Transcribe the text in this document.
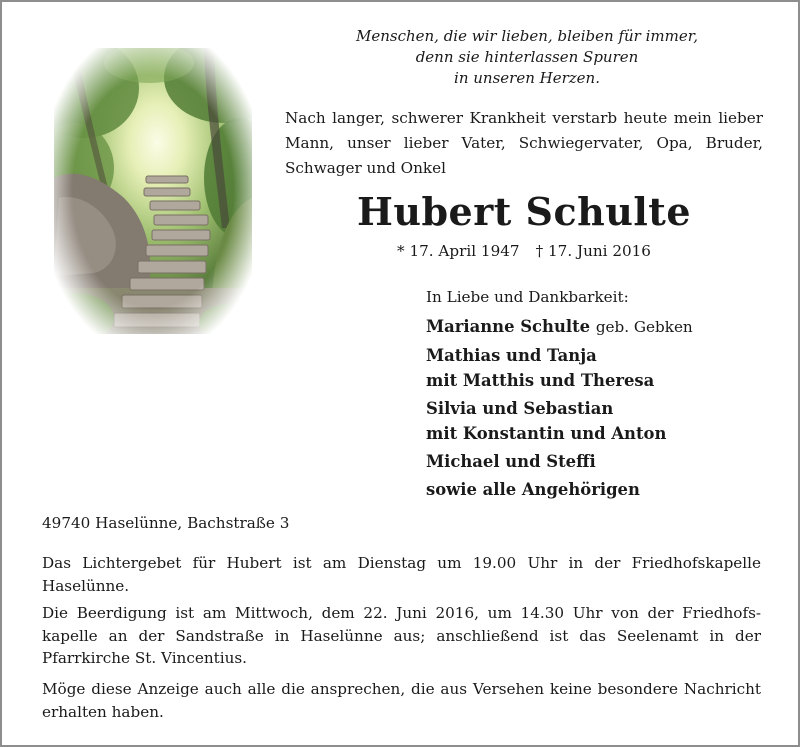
Menschen, die wir lieben, bleiben für immer,
denn sie hinterlassen Spuren
in unseren Herzen.
Nach langer, schwerer Krankheit verstarb heute mein lieber Mann, unser lieber Vater, Schwiegervater, Opa, Bruder, Schwager und Onkel
Hubert Schulte
* 17. April 1947 † 17. Juni 2016
In Liebe und Dankbarkeit:
Marianne Schulte geb. Gebken
Mathias und Tanja
mit Matthis und Theresa
Silvia und Sebastian
mit Konstantin und Anton
Michael und Steffi
sowie alle Angehörigen
49740 Haselünne, Bachstraße 3
Das Lichtergebet für Hubert ist am Dienstag um 19.00 Uhr in der Friedhofskapelle Haselünne.
Die Beerdigung ist am Mittwoch, dem 22. Juni 2016, um 14.30 Uhr von der Friedhofs-kapelle an der Sandstraße in Haselünne aus; anschließend ist das Seelenamt in der Pfarrkirche St. Vincentius.
Möge diese Anzeige auch alle die ansprechen, die aus Versehen keine besondere Nachricht erhalten haben.
